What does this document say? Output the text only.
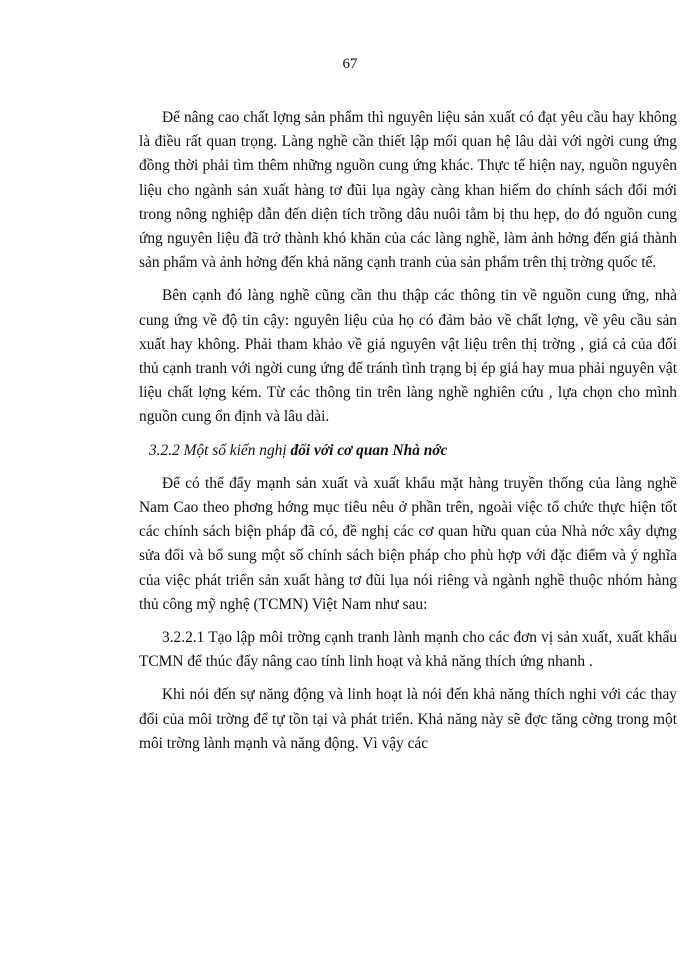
67

Để nâng cao chất lợng sản phẩm thì nguyên liệu sản xuất có đạt yêu cầu hay không là điều rất quan trọng. Làng nghề cần thiết lập mối quan hệ lâu dài với ngời cung ứng đồng thời phải tìm thêm những nguồn cung ứng khác. Thực tế hiện nay, nguồn nguyên liệu cho ngành sản xuất hàng tơ đũi lụa ngày càng khan hiếm do chính sách đổi mới trong nông nghiệp dẫn đến diện tích trồng dâu nuôi tằm bị thu hẹp, do đó nguồn cung ứng nguyên liệu đã trở thành khó khăn của các làng nghề, làm ảnh hởng đến giá thành sản phẩm và ảnh hởng đến khả năng cạnh tranh của sản phẩm trên thị trờng quốc tế.

Bên cạnh đó làng nghề cũng cần thu thập các thông tin về nguồn cung ứng, nhà cung ứng về độ tin cậy: nguyên liệu của họ có đảm bảo về chất lợng, về yêu cầu sản xuất hay không. Phải tham khảo về giá nguyên vật liệu trên thị trờng , giá cả của đối thủ cạnh tranh với ngời cung ứng để tránh tình trạng bị ép giá hay mua phải nguyên vật liệu chất lợng kém. Từ các thông tin trên làng nghề nghiên cứu , lựa chọn cho mình nguồn cung ổn định và lâu dài.

3.2.2 Một số kiến nghị đối với cơ quan Nhà nớc

Để có thể đẩy mạnh sản xuất và xuất khẩu mặt hàng truyền thống của làng nghề Nam Cao theo phơng hớng mục tiêu nêu ở phần trên, ngoài việc tổ chức thực hiện tốt các chính sách biện pháp đã có, đề nghị các cơ quan hữu quan của Nhà nớc xây dựng sửa đổi và bổ sung một số chính sách biện pháp cho phù hợp với đặc điểm và ý nghĩa của việc phát triển sản xuất hàng tơ đũi lụa nói riêng và ngành nghề thuộc nhóm hàng thủ công mỹ nghệ (TCMN) Việt Nam như sau:

3.2.2.1 Tạo lập môi trờng cạnh tranh lành mạnh cho các đơn vị sản xuất, xuất khẩu TCMN để thúc đẩy nâng cao tính linh hoạt và khả năng thích ứng nhanh .

Khi nói đến sự năng động và linh hoạt là nói đến khả năng thích nghi với các thay đổi của môi trờng để tự tồn tại và phát triển. Khả năng này sẽ đợc tăng cờng trong một môi trờng lành mạnh và năng động. Vì vậy các
